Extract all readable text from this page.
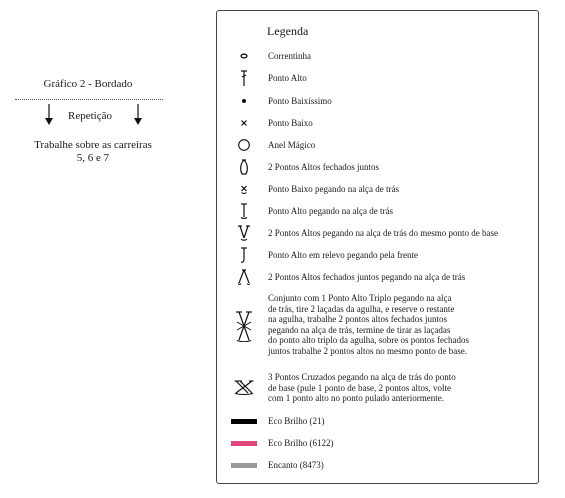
Gráfico 2 - Bordado
Repetição
Trabalhe sobre as carreiras
5, 6 e 7
Legenda
Correntinha
Ponto Alto
Ponto Baixíssimo
Ponto Baixo
Anel Mágico
2 Pontos Altos fechados juntos
Ponto Baixo pegando na alça de trás
Ponto Alto pegando na alça de trás
2 Pontos Altos pegando na alça de trás do mesmo ponto de base
Ponto Alto em relevo pegando pela frente
2 Pontos Altos fechados juntos pegando na alça de trás
Conjunto com 1 Ponto Alto Triplo pegando na alça
de trás, tire 2 laçadas da agulha, e reserve o restante
na agulha, trabalhe 2 pontos altos fechados juntos
pegando na alça de trás, termine de tirar as laçadas
do ponto alto triplo da agulha, sobre os pontos fechados
juntos trabalhe 2 pontos altos no mesmo ponto de base.
3 Pontos Cruzados pegando na alça de trás do ponto
de base (pule 1 ponto de base, 2 pontos altos, volte
com 1 ponto alto no ponto pulado anteriormente.
Eco Brilho (21)
Eco Brilho (6122)
Encanto (8473)
